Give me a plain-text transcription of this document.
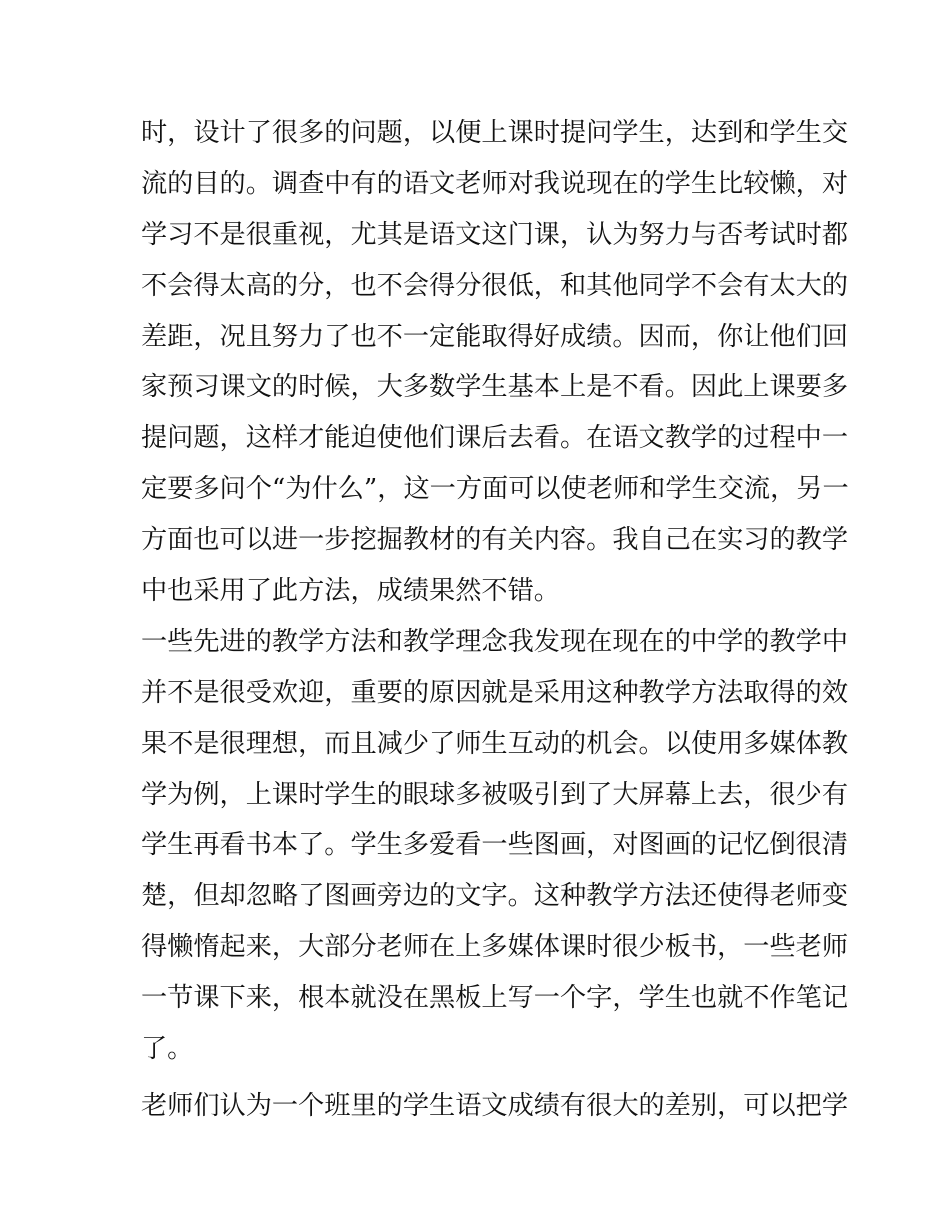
时，设计了很多的问题，以便上课时提问学生，达到和学生交
流的目的。调查中有的语文老师对我说现在的学生比较懒，对
学习不是很重视，尤其是语文这门课，认为努力与否考试时都
不会得太高的分，也不会得分很低，和其他同学不会有太大的
差距，况且努力了也不一定能取得好成绩。因而，你让他们回
家预习课文的时候，大多数学生基本上是不看。因此上课要多
提问题，这样才能迫使他们课后去看。在语文教学的过程中一
定要多问个“为什么”，这一方面可以使老师和学生交流，另一
方面也可以进一步挖掘教材的有关内容。我自己在实习的教学
中也采用了此方法，成绩果然不错。
一些先进的教学方法和教学理念我发现在现在的中学的教学中
并不是很受欢迎，重要的原因就是采用这种教学方法取得的效
果不是很理想，而且减少了师生互动的机会。以使用多媒体教
学为例，上课时学生的眼球多被吸引到了大屏幕上去，很少有
学生再看书本了。学生多爱看一些图画，对图画的记忆倒很清
楚，但却忽略了图画旁边的文字。这种教学方法还使得老师变
得懒惰起来，大部分老师在上多媒体课时很少板书，一些老师
一节课下来，根本就没在黑板上写一个字，学生也就不作笔记
了。
老师们认为一个班里的学生语文成绩有很大的差别，可以把学
